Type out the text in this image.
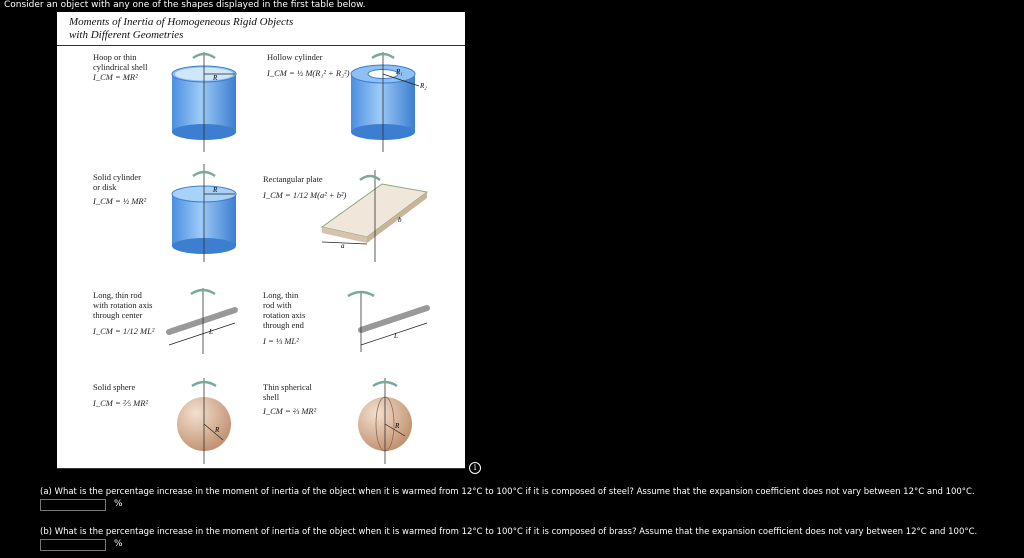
Consider an object with any one of the shapes displayed in the first table below.
Moments of Inertia of Homogeneous Rigid Objects
with Different Geometries
R
R₁
R₂
R
a
b
L	L
R	R
Hoop or thin
cylindrical shell
I_CM = MR²
Hollow cylinder
I_CM = ½ M(R₁² + R₂²)
Solid cylinder
or disk
I_CM = ½ MR²
Rectangular plate
I_CM = 1/12 M(a² + b²)
Long, thin rod
with rotation axis
through center
I_CM = 1/12 ML²
Long, thin
rod with
rotation axis
through end
I = ⅓ ML²
Solid sphere
I_CM = ⅖ MR²
Thin spherical
shell
I_CM = ⅔ MR²
i
(a) What is the percentage increase in the moment of inertia of the object when it is warmed from 12°C to 100°C if it is composed of steel? Assume that the expansion coefficient does not vary between 12°C and 100°C.
%
(b) What is the percentage increase in the moment of inertia of the object when it is warmed from 12°C to 100°C if it is composed of brass? Assume that the expansion coefficient does not vary between 12°C and 100°C.
%
